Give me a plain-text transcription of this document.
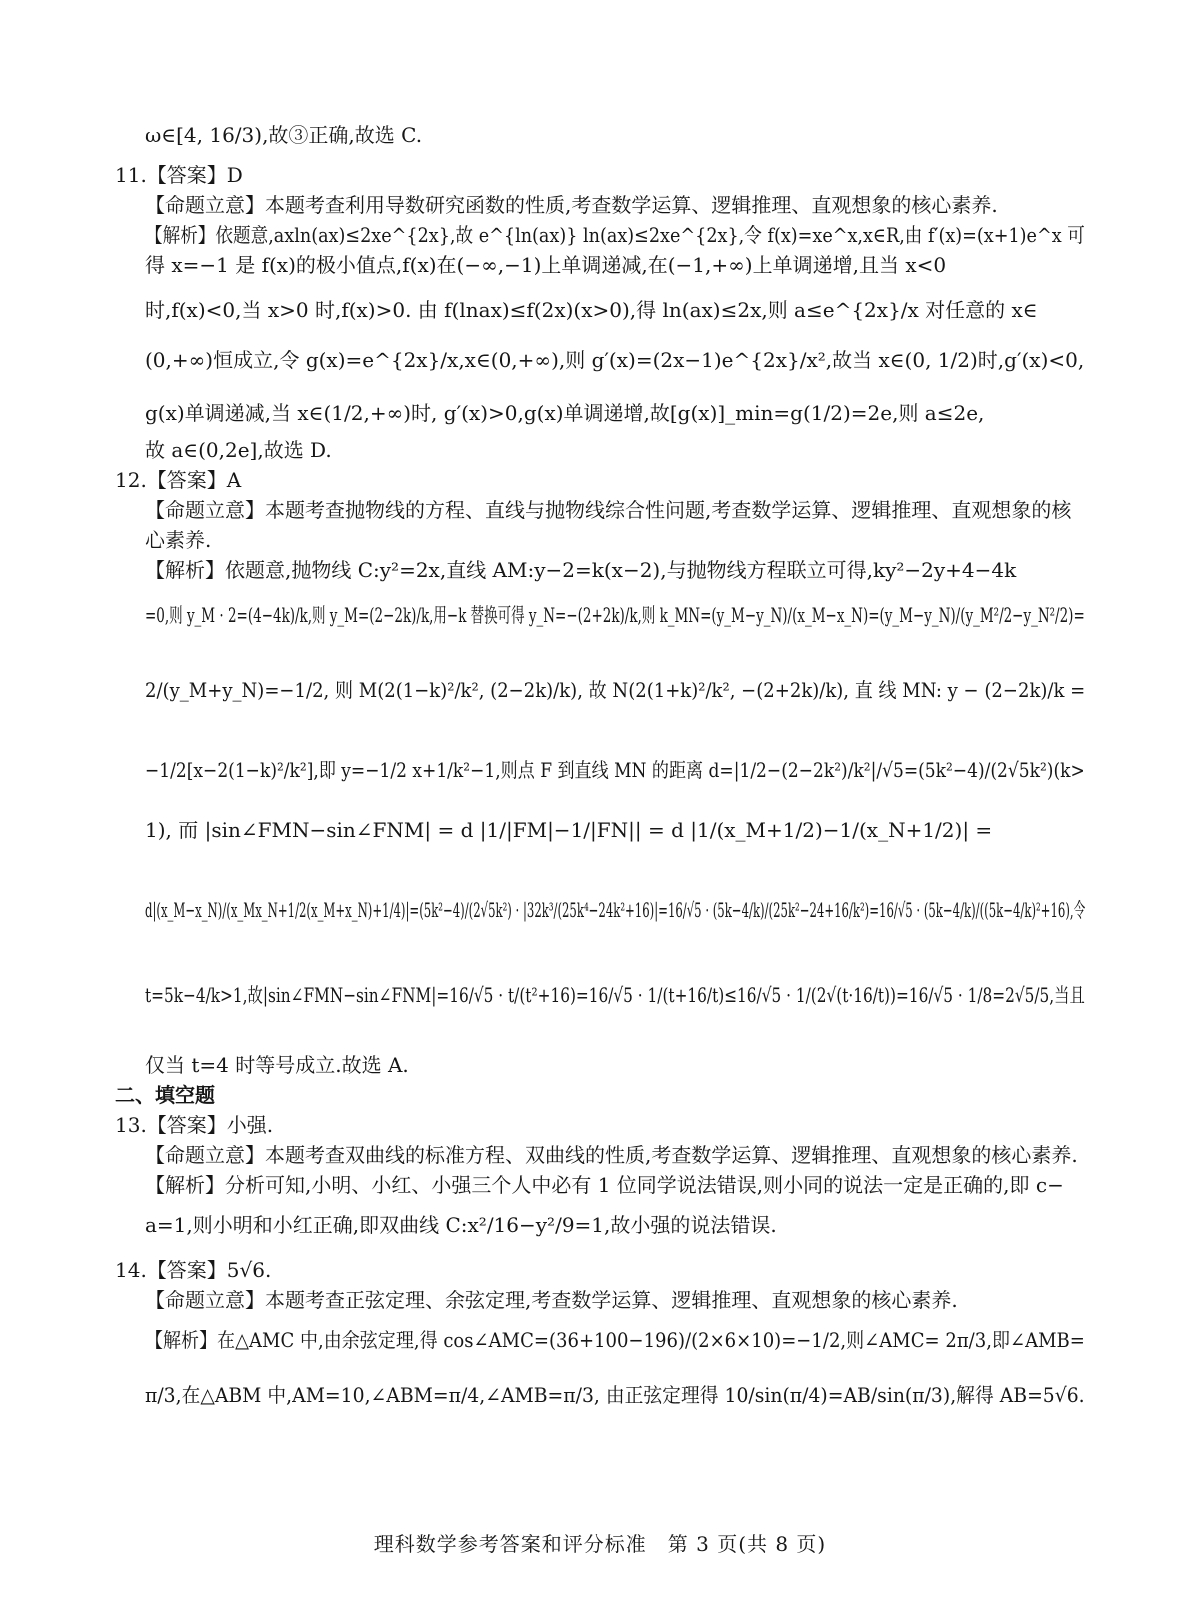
ω∈[4, 16/3),故③正确,故选 C.
11.【答案】D
【命题立意】本题考查利用导数研究函数的性质,考查数学运算、逻辑推理、直观想象的核心素养.
【解析】依题意,axln(ax)≤2xe^{2x},故 e^{ln(ax)} ln(ax)≤2xe^{2x},令 f(x)=xe^x,x∈R,由 f′(x)=(x+1)e^x 可
得 x=−1 是 f(x)的极小值点,f(x)在(−∞,−1)上单调递减,在(−1,+∞)上单调递增,且当 x<0
时,f(x)<0,当 x>0 时,f(x)>0. 由 f(lnax)≤f(2x)(x>0),得 ln(ax)≤2x,则 a≤e^{2x}/x 对任意的 x∈
(0,+∞)恒成立,令 g(x)=e^{2x}/x,x∈(0,+∞),则 g′(x)=(2x−1)e^{2x}/x²,故当 x∈(0, 1/2)时,g′(x)<0,
g(x)单调递减,当 x∈(1/2,+∞)时, g′(x)>0,g(x)单调递增,故[g(x)]_min=g(1/2)=2e,则 a≤2e,
故 a∈(0,2e],故选 D.
12.【答案】A
【命题立意】本题考查抛物线的方程、直线与抛物线综合性问题,考查数学运算、逻辑推理、直观想象的核
心素养.
【解析】依题意,抛物线 C:y²=2x,直线 AM:y−2=k(x−2),与抛物线方程联立可得,ky²−2y+4−4k
=0,则 y_M · 2=(4−4k)/k,则 y_M=(2−2k)/k,用−k 替换可得 y_N=−(2+2k)/k,则 k_MN=(y_M−y_N)/(x_M−x_N)=(y_M−y_N)/(y_M²/2−y_N²/2)=
2/(y_M+y_N)=−1/2, 则 M(2(1−k)²/k², (2−2k)/k), 故 N(2(1+k)²/k², −(2+2k)/k), 直 线 MN: y − (2−2k)/k =
−1/2[x−2(1−k)²/k²],即 y=−1/2 x+1/k²−1,则点 F 到直线 MN 的距离 d=|1/2−(2−2k²)/k²|/√5=(5k²−4)/(2√5k²)(k>
1), 而 |sin∠FMN−sin∠FNM| = d |1/|FM|−1/|FN|| = d |1/(x_M+1/2)−1/(x_N+1/2)| =
d|(x_M−x_N)/(x_Mx_N+1/2(x_M+x_N)+1/4)|=(5k²−4)/(2√5k²) · |32k³/(25k⁴−24k²+16)|=16/√5 · (5k−4/k)/(25k²−24+16/k²)=16/√5 · (5k−4/k)/((5k−4/k)²+16),令
t=5k−4/k>1,故|sin∠FMN−sin∠FNM|=16/√5 · t/(t²+16)=16/√5 · 1/(t+16/t)≤16/√5 · 1/(2√(t·16/t))=16/√5 · 1/8=2√5/5,当且
仅当 t=4 时等号成立.故选 A.
二、填空题
13.【答案】小强.
【命题立意】本题考查双曲线的标准方程、双曲线的性质,考查数学运算、逻辑推理、直观想象的核心素养.
【解析】分析可知,小明、小红、小强三个人中必有 1 位同学说法错误,则小同的说法一定是正确的,即 c−
a=1,则小明和小红正确,即双曲线 C:x²/16−y²/9=1,故小强的说法错误.
14.【答案】5√6.
【命题立意】本题考查正弦定理、余弦定理,考查数学运算、逻辑推理、直观想象的核心素养.
【解析】在△AMC 中,由余弦定理,得 cos∠AMC=(36+100−196)/(2×6×10)=−1/2,则∠AMC= 2π/3,即∠AMB=
π/3,在△ABM 中,AM=10,∠ABM=π/4,∠AMB=π/3, 由正弦定理得 10/sin(π/4)=AB/sin(π/3),解得 AB=5√6.
理科数学参考答案和评分标准　第 3 页(共 8 页)
